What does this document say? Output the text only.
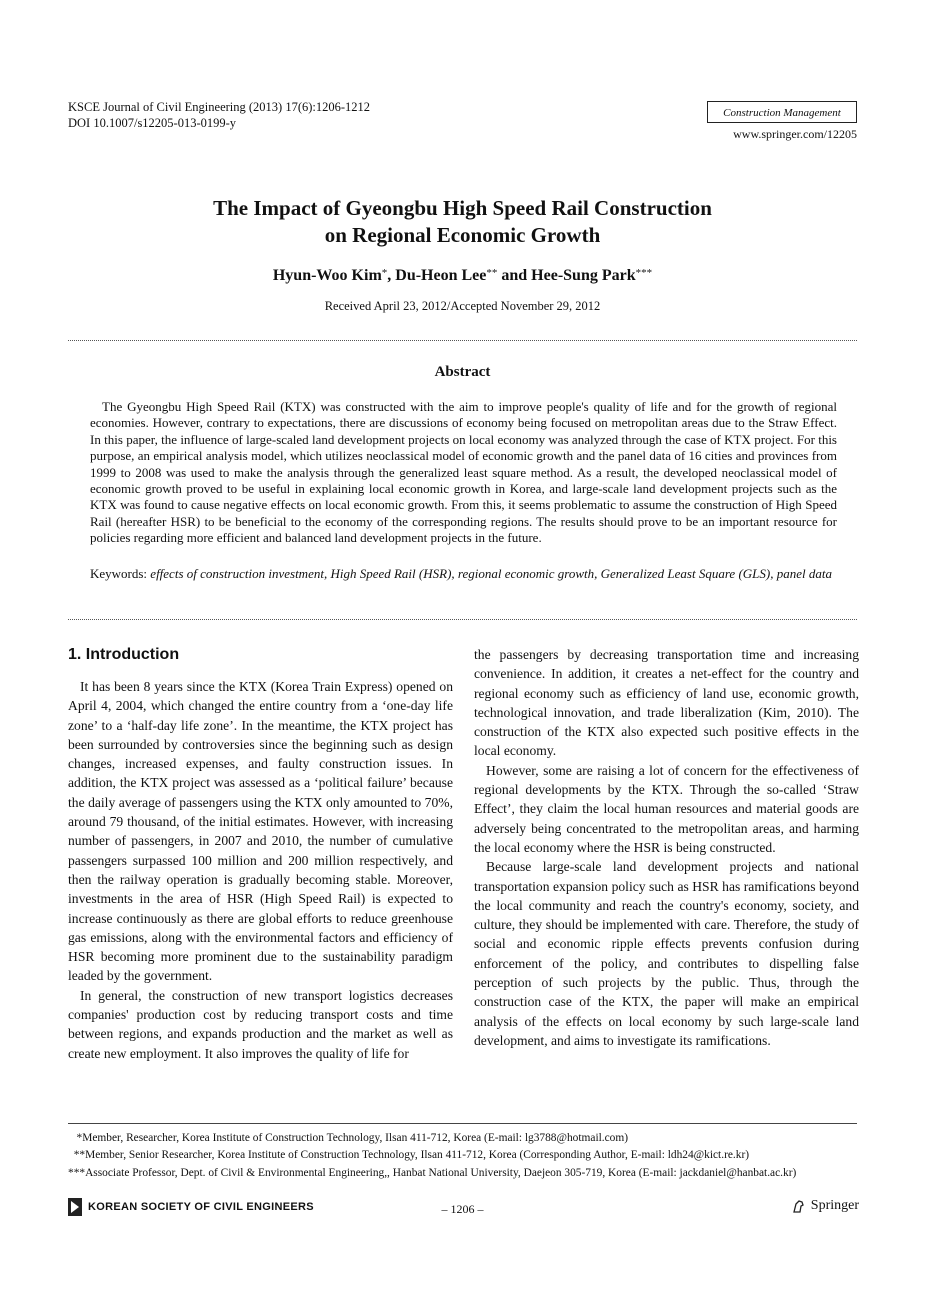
KSCE Journal of Civil Engineering (2013) 17(6):1206-1212
DOI 10.1007/s12205-013-0199-y
Construction Management
www.springer.com/12205
The Impact of Gyeongbu High Speed Rail Construction
on Regional Economic Growth
Hyun-Woo Kim*, Du-Heon Lee** and Hee-Sung Park***
Received April 23, 2012/Accepted November 29, 2012
Abstract
The Gyeongbu High Speed Rail (KTX) was constructed with the aim to improve people's quality of life and for the growth of regional economies. However, contrary to expectations, there are discussions of economy being focused on metropolitan areas due to the Straw Effect. In this paper, the influence of large-scaled land development projects on local economy was analyzed through the case of KTX project. For this purpose, an empirical analysis model, which utilizes neoclassical model of economic growth and the panel data of 16 cities and provinces from 1999 to 2008 was used to make the analysis through the generalized least square method. As a result, the developed neoclassical model of economic growth proved to be useful in explaining local economic growth in Korea, and large-scale land development projects such as the KTX was found to cause negative effects on local economic growth. From this, it seems problematic to assume the construction of High Speed Rail (hereafter HSR) to be beneficial to the economy of the corresponding regions. The results should prove to be an important resource for policies regarding more efficient and balanced land development projects in the future.
Keywords: effects of construction investment, High Speed Rail (HSR), regional economic growth, Generalized Least Square (GLS), panel data
1. Introduction

It has been 8 years since the KTX (Korea Train Express) opened on April 4, 2004, which changed the entire country from a ‘one-day life zone’ to a ‘half-day life zone’. In the meantime, the KTX project has been surrounded by controversies since the beginning such as design changes, increased expenses, and faulty construction issues. In addition, the KTX project was assessed as a ‘political failure’ because the daily average of passengers using the KTX only amounted to 70%, around 79 thousand, of the initial estimates. However, with increasing number of passengers, in 2007 and 2010, the number of cumulative passengers surpassed 100 million and 200 million respectively, and then the railway operation is gradually becoming stable. Moreover, investments in the area of HSR (High Speed Rail) is expected to increase continuously as there are global efforts to reduce greenhouse gas emissions, along with the environmental factors and efficiency of HSR becoming more prominent due to the sustainability paradigm leaded by the government.

In general, the construction of new transport logistics decreases companies' production cost by reducing transport costs and time between regions, and expands production and the market as well as create new employment. It also improves the quality of life for

the passengers by decreasing transportation time and increasing convenience. In addition, it creates a net-effect for the country and regional economy such as efficiency of land use, economic growth, technological innovation, and trade liberalization (Kim, 2010). The construction of the KTX also expected such positive effects in the local economy.

However, some are raising a lot of concern for the effectiveness of regional developments by the KTX. Through the so-called ‘Straw Effect’, they claim the local human resources and material goods are adversely being concentrated to the metropolitan areas, and harming the local economy where the HSR is being constructed.

Because large-scale land development projects and national transportation expansion policy such as HSR has ramifications beyond the local community and reach the country's economy, society, and culture, they should be implemented with care. Therefore, the study of social and economic ripple effects prevents confusion during enforcement of the policy, and contributes to dispelling false perception of such projects by the public. Thus, through the construction case of the KTX, the paper will make an empirical analysis of the effects on local economy by such large-scale land development, and aims to investigate its ramifications.

*Member, Researcher, Korea Institute of Construction Technology, Ilsan 411-712, Korea (E-mail: lg3788@hotmail.com)
**Member, Senior Researcher, Korea Institute of Construction Technology, Ilsan 411-712, Korea (Corresponding Author, E-mail: ldh24@kict.re.kr)
***Associate Professor, Dept. of Civil & Environmental Engineering,, Hanbat National University, Daejeon 305-719, Korea (E-mail: jackdaniel@hanbat.ac.kr)
KOREAN SOCIETY OF CIVIL ENGINEERS	– 1206 –	Springer
